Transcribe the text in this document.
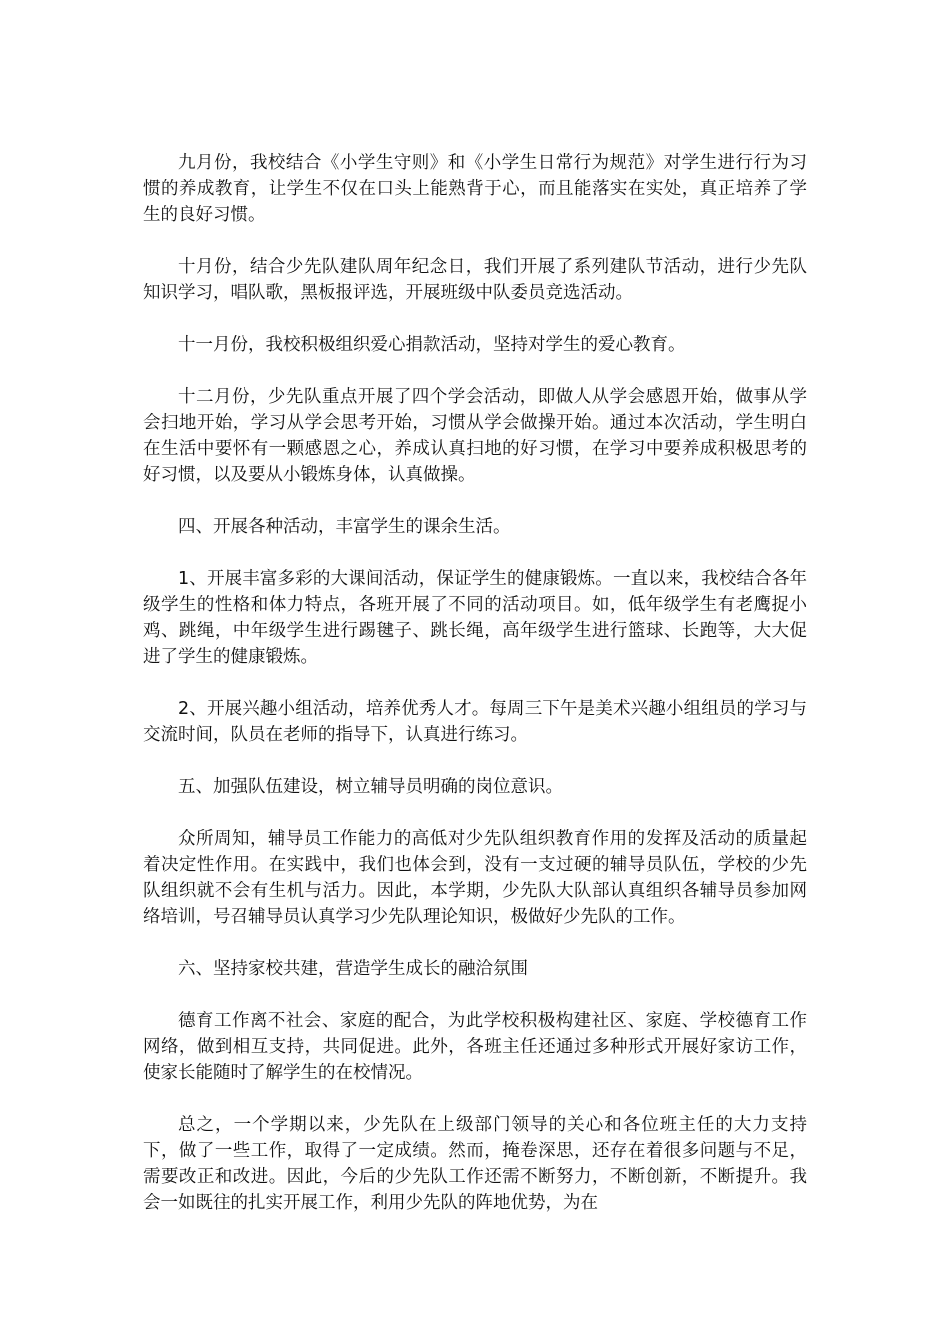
九月份，我校结合《小学生守则》和《小学生日常行为规范》对学生进行行为习惯的养成教育，让学生不仅在口头上能熟背于心，而且能落实在实处，真正培养了学生的良好习惯。

十月份，结合少先队建队周年纪念日，我们开展了系列建队节活动，进行少先队知识学习，唱队歌，黑板报评选，开展班级中队委员竞选活动。

十一月份，我校积极组织爱心捐款活动，坚持对学生的爱心教育。

十二月份，少先队重点开展了四个学会活动，即做人从学会感恩开始，做事从学会扫地开始，学习从学会思考开始，习惯从学会做操开始。通过本次活动，学生明白在生活中要怀有一颗感恩之心，养成认真扫地的好习惯，在学习中要养成积极思考的好习惯，以及要从小锻炼身体，认真做操。

四、开展各种活动，丰富学生的课余生活。

1、开展丰富多彩的大课间活动，保证学生的健康锻炼。一直以来，我校结合各年级学生的性格和体力特点，各班开展了不同的活动项目。如，低年级学生有老鹰捉小鸡、跳绳，中年级学生进行踢毽子、跳长绳，高年级学生进行篮球、长跑等，大大促进了学生的健康锻炼。

2、开展兴趣小组活动，培养优秀人才。每周三下午是美术兴趣小组组员的学习与交流时间，队员在老师的指导下，认真进行练习。

五、加强队伍建设，树立辅导员明确的岗位意识。

众所周知，辅导员工作能力的高低对少先队组织教育作用的发挥及活动的质量起着决定性作用。在实践中，我们也体会到，没有一支过硬的辅导员队伍，学校的少先队组织就不会有生机与活力。因此，本学期，少先队大队部认真组织各辅导员参加网络培训，号召辅导员认真学习少先队理论知识，极做好少先队的工作。

六、坚持家校共建，营造学生成长的融洽氛围

德育工作离不社会、家庭的配合，为此学校积极构建社区、家庭、学校德育工作网络，做到相互支持，共同促进。此外，各班主任还通过多种形式开展好家访工作，使家长能随时了解学生的在校情况。

总之，一个学期以来，少先队在上级部门领导的关心和各位班主任的大力支持下，做了一些工作，取得了一定成绩。然而，掩卷深思，还存在着很多问题与不足，需要改正和改进。因此，今后的少先队工作还需不断努力，不断创新，不断提升。我会一如既往的扎实开展工作，利用少先队的阵地优势，为在
